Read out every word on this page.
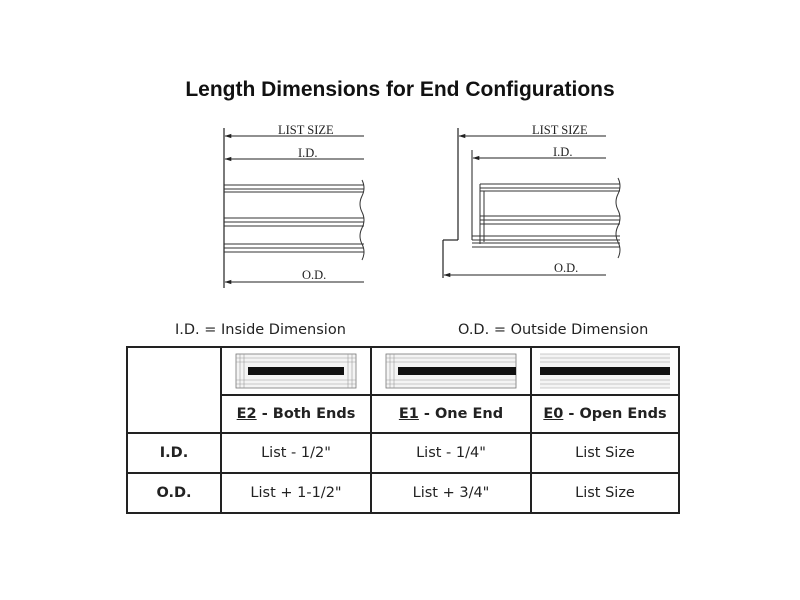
Length Dimensions for End Configurations
LIST SIZE
I.D.
O.D.
LIST SIZE
I.D.
O.D.
I.D. = Inside Dimension	O.D. = Outside Dimension

	E2 - Both Ends	E1 - One End	E0 - Open Ends
I.D.	List - 1/2"	List - 1/4"	List Size
O.D.	List + 1-1/2"	List + 3/4"	List Size
